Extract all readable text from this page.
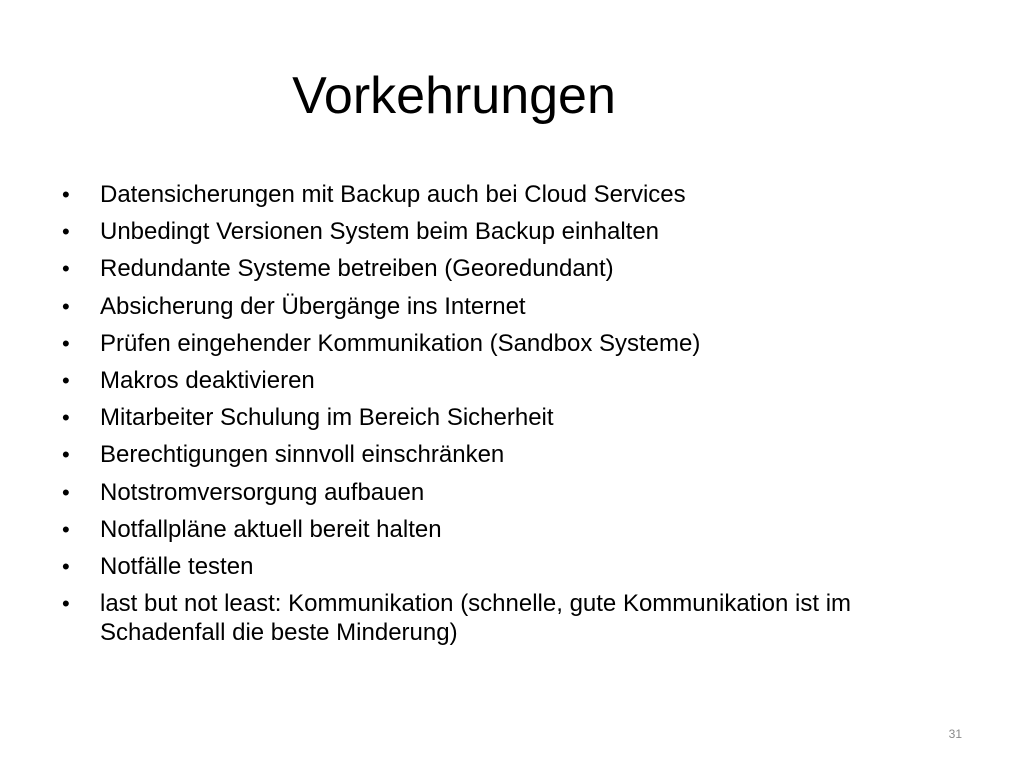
Vorkehrungen
•	Datensicherungen mit Backup auch bei Cloud Services
•	Unbedingt Versionen System beim Backup einhalten
•	Redundante Systeme betreiben (Georedundant)
•	Absicherung der Übergänge ins Internet
•	Prüfen eingehender Kommunikation (Sandbox Systeme)
•	Makros deaktivieren
•	Mitarbeiter Schulung im Bereich Sicherheit
•	Berechtigungen sinnvoll einschränken
•	Notstromversorgung aufbauen
•	Notfallpläne aktuell bereit halten
•	Notfälle testen
•	last but not least: Kommunikation (schnelle, gute Kommunikation ist im Schadenfall die beste Minderung)
31
